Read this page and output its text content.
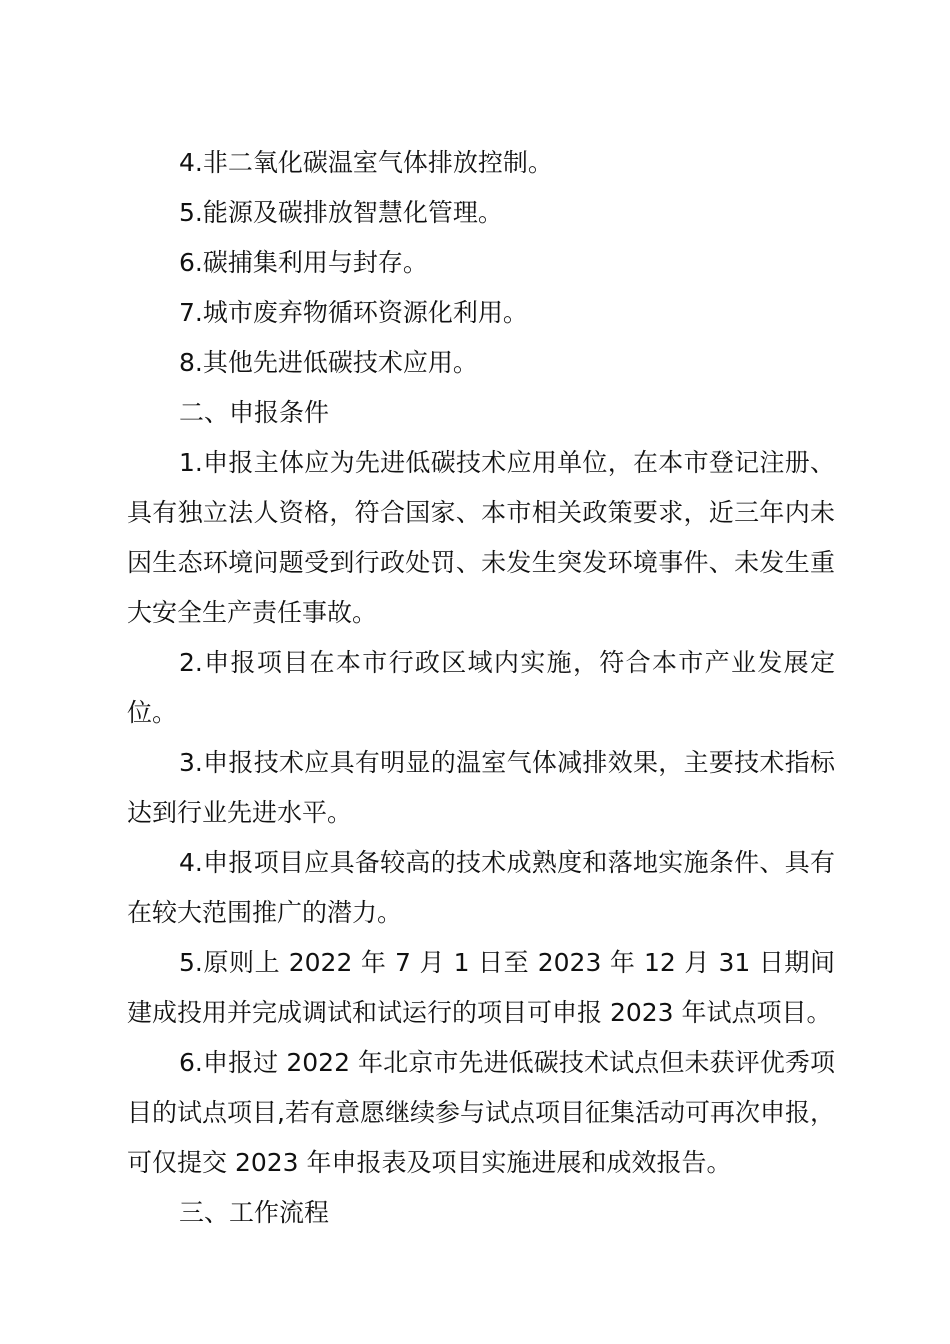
4.非二氧化碳温室气体排放控制。

5.能源及碳排放智慧化管理。

6.碳捕集利用与封存。

7.城市废弃物循环资源化利用。

8.其他先进低碳技术应用。

二、申报条件

1.申报主体应为先进低碳技术应用单位，在本市登记注册、具有独立法人资格，符合国家、本市相关政策要求，近三年内未因生态环境问题受到行政处罚、未发生突发环境事件、未发生重大安全生产责任事故。

2.申报项目在本市行政区域内实施，符合本市产业发展定位。

3.申报技术应具有明显的温室气体减排效果，主要技术指标达到行业先进水平。

4.申报项目应具备较高的技术成熟度和落地实施条件、具有在较大范围推广的潜力。

5.原则上 2022 年 7 月 1 日至 2023 年 12 月 31 日期间建成投用并完成调试和试运行的项目可申报 2023 年试点项目。

6.申报过 2022 年北京市先进低碳技术试点但未获评优秀项目的试点项目,若有意愿继续参与试点项目征集活动可再次申报，可仅提交 2023 年申报表及项目实施进展和成效报告。

三、工作流程
